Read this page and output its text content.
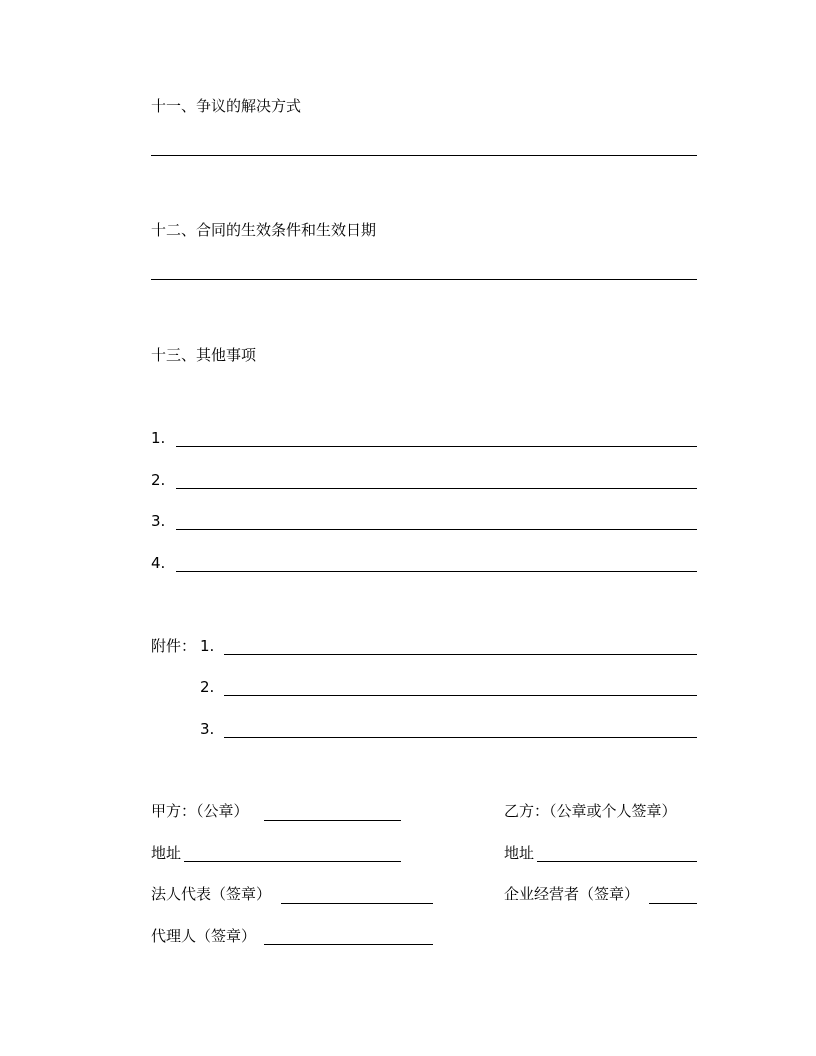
十一、争议的解决方式
十二、合同的生效条件和生效日期
十三、其他事项
1.
2.
3.
4.
附件： 1.
2.
3.
甲方：（公章）	乙方：（公章或个人签章）
地址	地址
法人代表（签章）	企业经营者（签章）
代理人（签章）
